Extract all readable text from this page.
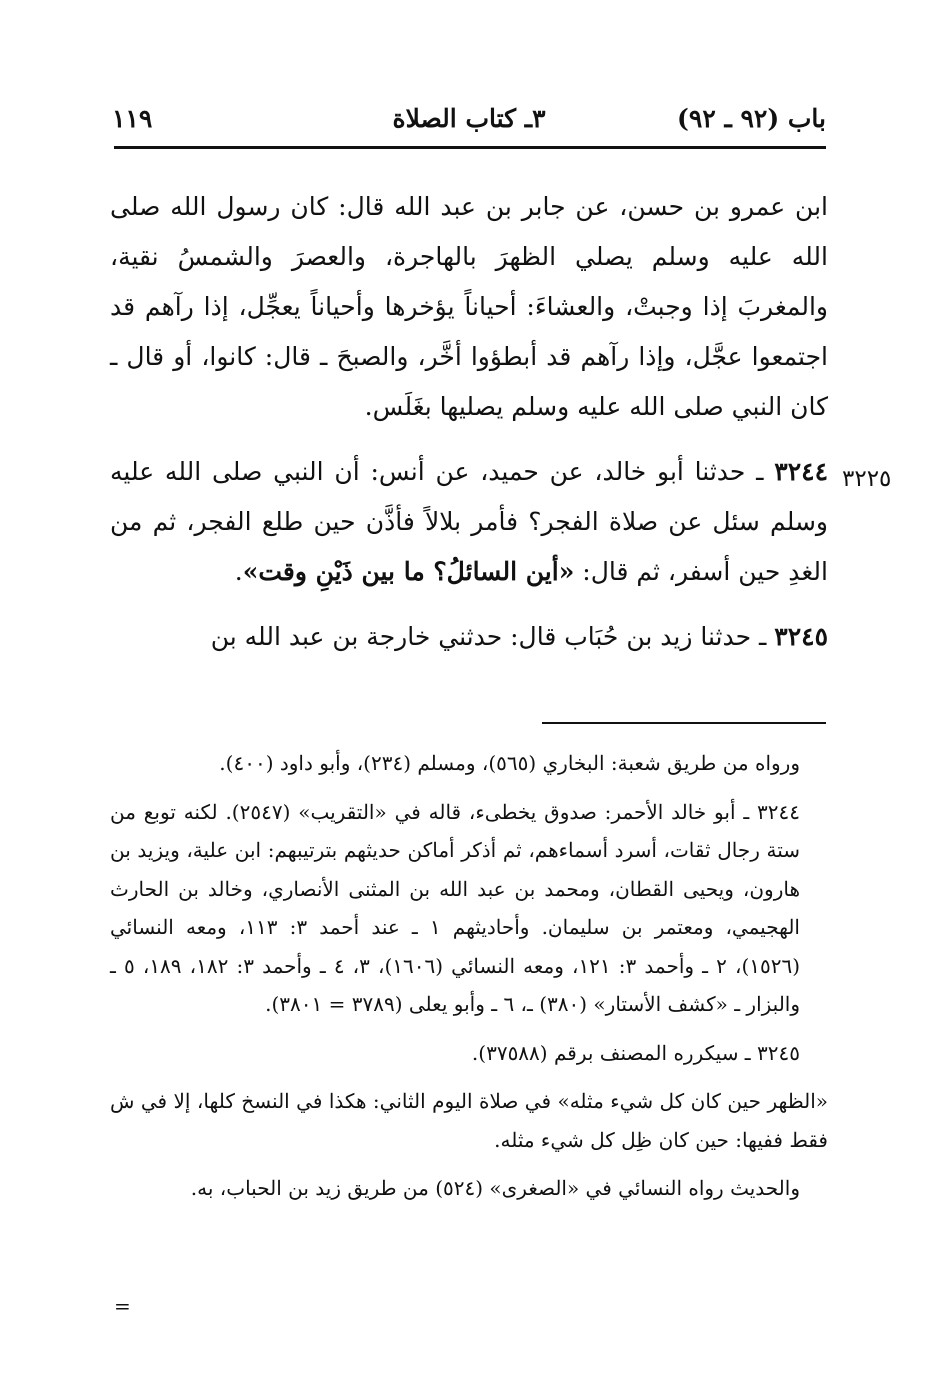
باب (٩٢ ـ ٩٢)
٣ـ كتاب الصلاة
١١٩
٣٢٢٥

ابن عمرو بن حسن، عن جابر بن عبد الله قال: كان رسول الله صلى الله عليه وسلم يصلي الظهرَ بالهاجرة، والعصرَ والشمسُ نقية، والمغربَ إذا وجبتْ، والعشاءَ: أحياناً يؤخرها وأحياناً يعجِّل، إذا رآهم قد اجتمعوا عجَّل، وإذا رآهم قد أبطؤوا أخَّر، والصبحَ ـ قال: كانوا، أو قال ـ كان النبي صلى الله عليه وسلم يصليها بغَلَس.

٣٢٤٤ ـ حدثنا أبو خالد، عن حميد، عن أنس: أن النبي صلى الله عليه وسلم سئل عن صلاة الفجر؟ فأمر بلالاً فأذَّن حين طلع الفجر، ثم من الغدِ حين أسفر، ثم قال: «أين السائلُ؟ ما بين ذَيْنِ وقت».

٣٢٤٥ ـ حدثنا زيد بن حُبَاب قال: حدثني خارجة بن عبد الله بن

ورواه من طريق شعبة: البخاري (٥٦٥)، ومسلم (٢٣٤)، وأبو داود (٤٠٠).

٣٢٤٤ ـ أبو خالد الأحمر: صدوق يخطىء، قاله في «التقريب» (٢٥٤٧). لكنه توبع من ستة رجال ثقات، أسرد أسماءهم، ثم أذكر أماكن حديثهم بترتيبهم: ابن علية، ويزيد بن هارون، ويحيى القطان، ومحمد بن عبد الله بن المثنى الأنصاري، وخالد بن الحارث الهجيمي، ومعتمر بن سليمان. وأحاديثهم ١ ـ عند أحمد ٣: ١١٣، ومعه النسائي (١٥٢٦)، ٢ ـ وأحمد ٣: ١٢١، ومعه النسائي (١٦٠٦)، ٣، ٤ ـ وأحمد ٣: ١٨٢، ١٨٩، ٥ ـ والبزار ـ «كشف الأستار» (٣٨٠) ـ، ٦ ـ وأبو يعلى (٣٧٨٩ = ٣٨٠١).

٣٢٤٥ ـ سيكرره المصنف برقم (٣٧٥٨٨).

«الظهر حين كان كل شيء مثله» في صلاة اليوم الثاني: هكذا في النسخ كلها، إلا في ش فقط ففيها: حين كان ظِل كل شيء مثله.

والحديث رواه النسائي في «الصغرى» (٥٢٤) من طريق زيد بن الحباب، به.

=
